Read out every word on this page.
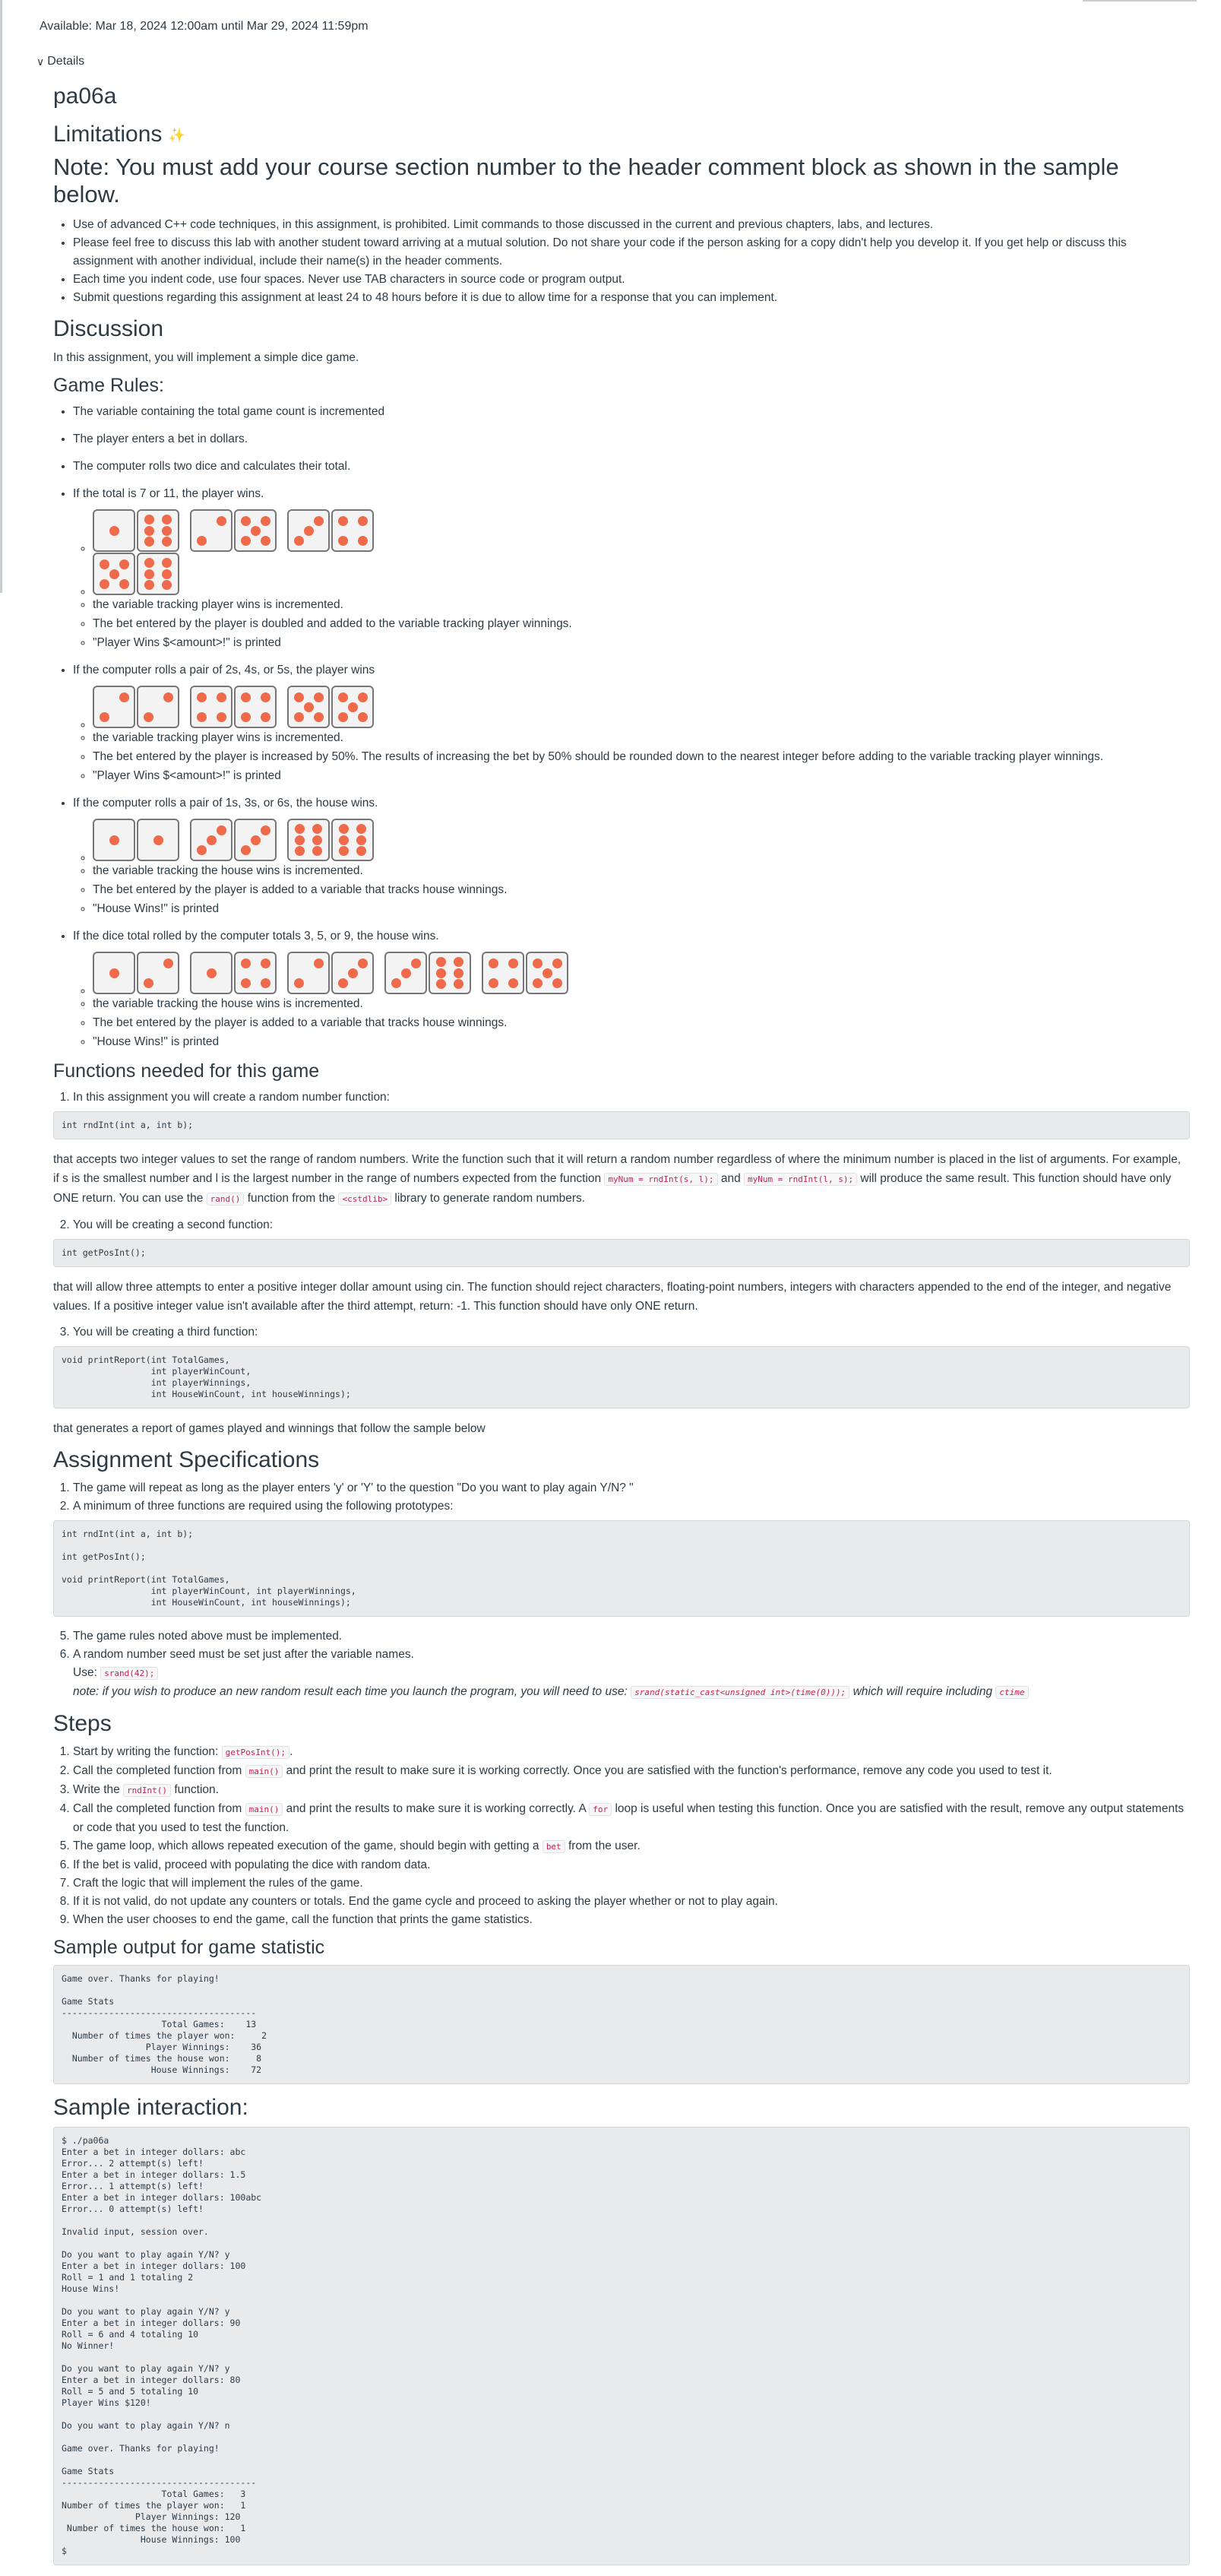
Available: Mar 18, 2024 12:00am until Mar 29, 2024 11:59pm
∨ Details
pa06a
Limitations ✨
Note: You must add your course section number to the header comment block as shown in the sample below.
• Use of advanced C++ code techniques, in this assignment, is prohibited. Limit commands to those discussed in the current and previous chapters, labs, and lectures.
• Please feel free to discuss this lab with another student toward arriving at a mutual solution. Do not share your code if the person asking for a copy didn't help you develop it. If you get help or discuss this assignment with another individual, include their name(s) in the header comments.
• Each time you indent code, use four spaces. Never use TAB characters in source code or program output.
• Submit questions regarding this assignment at least 24 to 48 hours before it is due to allow time for a response that you can implement.
Discussion

In this assignment, you will implement a simple dice game.

Game Rules:
• The variable containing the total game count is incremented
• The player enters a bet in dollars.
• The computer rolls two dice and calculates their total.
• If the total is 7 or 11, the player wins.
◦
◦
◦ the variable tracking player wins is incremented.
◦ The bet entered by the player is doubled and added to the variable tracking player winnings.
◦ "Player Wins $<amount>!" is printed
• If the computer rolls a pair of 2s, 4s, or 5s, the player wins
◦
◦ the variable tracking player wins is incremented.
◦ The bet entered by the player is increased by 50%. The results of increasing the bet by 50% should be rounded down to the nearest integer before adding to the variable tracking player winnings.
◦ "Player Wins $<amount>!" is printed
• If the computer rolls a pair of 1s, 3s, or 6s, the house wins.
◦
◦ the variable tracking the house wins is incremented.
◦ The bet entered by the player is added to a variable that tracks house winnings.
◦ "House Wins!" is printed
• If the dice total rolled by the computer totals 3, 5, or 9, the house wins.
◦
◦ the variable tracking the house wins is incremented.
◦ The bet entered by the player is added to a variable that tracks house winnings.
◦ "House Wins!" is printed
Functions needed for this game
1. In this assignment you will create a random number function:
int rndInt(int a, int b);

that accepts two integer values to set the range of random numbers. Write the function such that it will return a random number regardless of where the minimum number is placed in the list of arguments. For example, if s is the smallest number and l is the largest number in the range of numbers expected from the function myNum = rndInt(s, l); and myNum = rndInt(l, s); will produce the same result. This function should have only ONE return. You can use the rand() function from the <cstdlib> library to generate random numbers.

2. You will be creating a second function:
int getPosInt();

that will allow three attempts to enter a positive integer dollar amount using cin. The function should reject characters, floating-point numbers, integers with characters appended to the end of the integer, and negative values. If a positive integer value isn't available after the third attempt, return: -1. This function should have only ONE return.

3. You will be creating a third function:
void printReport(int TotalGames,
int playerWinCount,
int playerWinnings,
int HouseWinCount, int houseWinnings);

that generates a report of games played and winnings that follow the sample below

Assignment Specifications
1. The game will repeat as long as the player enters 'y' or 'Y' to the question "Do you want to play again Y/N? "
2. A minimum of three functions are required using the following prototypes:
int rndInt(int a, int b);

int getPosInt();

void printReport(int TotalGames,
int playerWinCount, int playerWinnings,
int HouseWinCount, int houseWinnings);
5. The game rules noted above must be implemented.
6. A random number seed must be set just after the variable names.
Use: srand(42);
note: if you wish to produce an new random result each time you launch the program, you will need to use: srand(static_cast<unsigned int>(time(0))); which will require including ctime
Steps
1. Start by writing the function: getPosInt(); .
2. Call the completed function from main() and print the result to make sure it is working correctly. Once you are satisfied with the function's performance, remove any code you used to test it.
3. Write the rndInt() function.
4. Call the completed function from main() and print the results to make sure it is working correctly. A for loop is useful when testing this function. Once you are satisfied with the result, remove any output statements or code that you used to test the function.
5. The game loop, which allows repeated execution of the game, should begin with getting a bet from the user.
6. If the bet is valid, proceed with populating the dice with random data.
7. Craft the logic that will implement the rules of the game.
8. If it is not valid, do not update any counters or totals. End the game cycle and proceed to asking the player whether or not to play again.
9. When the user chooses to end the game, call the function that prints the game statistics.
Sample output for game statistic
Game over. Thanks for playing!

Game Stats
-------------------------------------
Total Games:    13
Number of times the player won:     2
Player Winnings:    36
Number of times the house won:     8
House Winnings:    72
Sample interaction:
$ ./pa06a
Enter a bet in integer dollars: abc
Error... 2 attempt(s) left!
Enter a bet in integer dollars: 1.5
Error... 1 attempt(s) left!
Enter a bet in integer dollars: 100abc
Error... 0 attempt(s) left!

Invalid input, session over.

Do you want to play again Y/N? y
Enter a bet in integer dollars: 100
Roll = 1 and 1 totaling 2
House Wins!

Do you want to play again Y/N? y
Enter a bet in integer dollars: 90
Roll = 6 and 4 totaling 10
No Winner!

Do you want to play again Y/N? y
Enter a bet in integer dollars: 80
Roll = 5 and 5 totaling 10
Player Wins $120!

Do you want to play again Y/N? n

Game over. Thanks for playing!

Game Stats
-------------------------------------
Total Games:   3
Number of times the player won:   1
Player Winnings: 120
Number of times the house won:   1
House Winnings: 100
$
